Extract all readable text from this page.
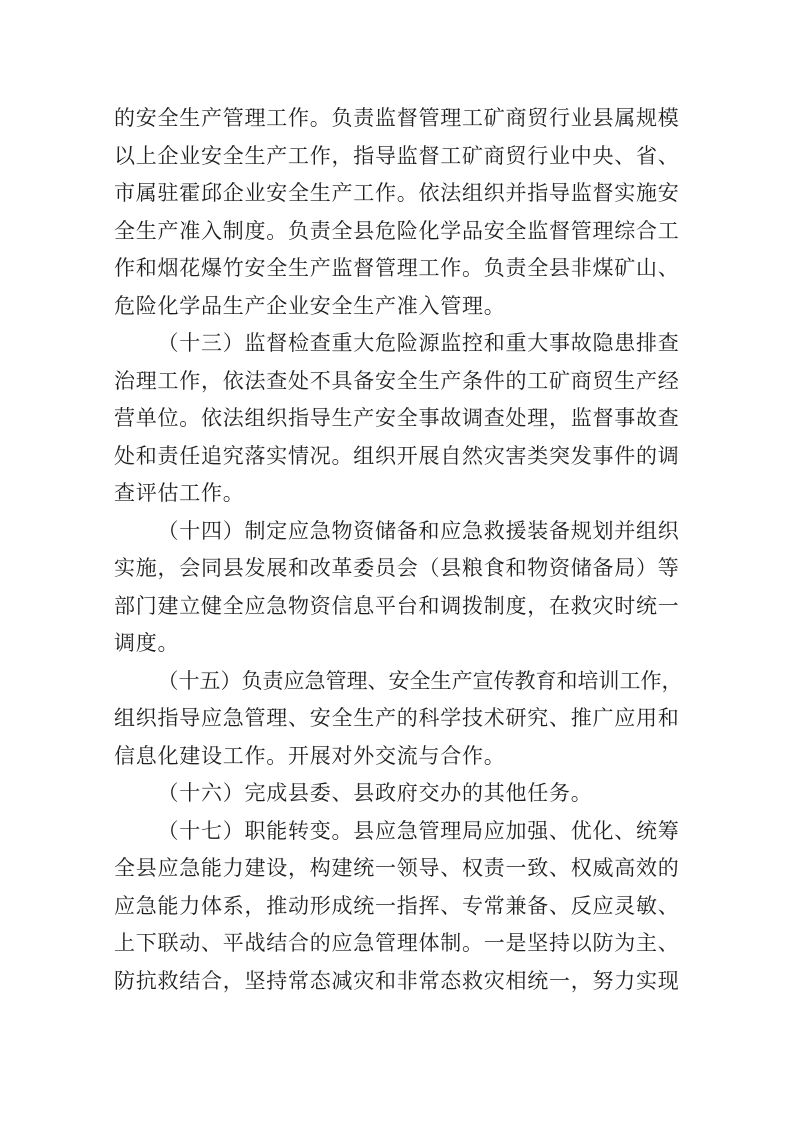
的 安 全 生 产 管 理 工 作 。 负 责 监 督 管 理 工 矿 商 贸 行 业 县 属 规 模
以 上 企 业 安 全 生 产 工 作 ， 指 导 监 督 工 矿 商 贸 行 业 中 央 、 省 、
市 属 驻 霍 邱 企 业 安 全 生 产 工 作 。 依 法 组 织 并 指 导 监 督 实 施 安
全 生 产 准 入 制 度 。 负 责 全 县 危 险 化 学 品 安 全 监 督 管 理 综 合 工
作 和 烟 花 爆 竹 安 全 生 产 监 督 管 理 工 作 。 负 责 全 县 非 煤 矿 山 、
危险化学品生产企业安全生产准入管理。
（ 十 三 ） 监 督 检 查 重 大 危 险 源 监 控 和 重 大 事 故 隐 患 排 查
治 理 工 作 ， 依 法 查 处 不 具 备 安 全 生 产 条 件 的 工 矿 商 贸 生 产 经
营 单 位 。 依 法 组 织 指 导 生 产 安 全 事 故 调 查 处 理 ， 监 督 事 故 查
处 和 责 任 追 究 落 实 情 况 。 组 织 开 展 自 然 灾 害 类 突 发 事 件 的 调
查评估工作。
（ 十 四 ） 制 定 应 急 物 资 储 备 和 应 急 救 援 装 备 规 划 并 组 织
实 施 ， 会 同 县 发 展 和 改 革 委 员 会 （ 县 粮 食 和 物 资 储 备 局 ） 等
部 门 建 立 健 全 应 急 物 资 信 息 平 台 和 调 拨 制 度 ， 在 救 灾 时 统 一
调度。
（ 十 五 ） 负 责 应 急 管 理 、 安 全 生 产 宣 传 教 育 和 培 训 工 作 ，
组 织 指 导 应 急 管 理 、 安 全 生 产 的 科 学 技 术 研 究 、 推 广 应 用 和
信息化建设工作。开展对外交流与合作。
（十六）完成县委、县政府交办的其他任务。
（ 十 七 ） 职 能 转 变 。 县 应 急 管 理 局 应 加 强 、 优 化 、 统 筹
全 县 应 急 能 力 建 设 ， 构 建 统 一 领 导 、 权 责 一 致 、 权 威 高 效 的
应 急 能 力 体 系 ， 推 动 形 成 统 一 指 挥 、 专 常 兼 备 、 反 应 灵 敏 、
上 下 联 动 、 平 战 结 合 的 应 急 管 理 体 制 。 一 是 坚 持 以 防 为 主 、
防 抗 救 结 合 ， 坚 持 常 态 减 灾 和 非 常 态 救 灾 相 统 一 ， 努 力 实 现
